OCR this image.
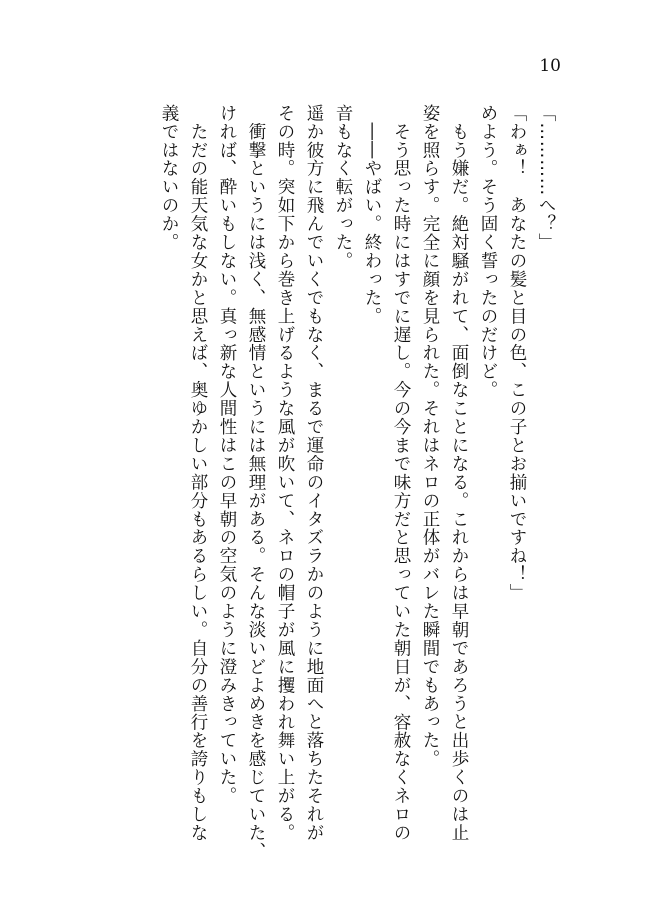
10
義ではないのか。 　ただの能天気な女かと思えば、奥ゆかしい部分もあるらしい。自分の善行を誇りもしな ければ、酔いもしない。真っ新な人間性はこの早朝の空気のように澄みきっていた。 　衝撃というには浅く、無感情というには無理がある。そんな淡いどよめきを感じていた、 その時。突如下から巻き上げるような風が吹いて、ネロの帽子が風に攫われ舞い上がる。 遥か彼方に飛んでいくでもなく、まるで運命のイタズラかのように地面へと落ちたそれが 音もなく転がった。 　――やばい。終わった。 　そう思った時にはすでに遅し。今の今まで味方だと思っていた朝日が、容赦なくネロの 姿を照らす。完全に顔を見られた。それはネロの正体がバレた瞬間でもあった。 　もう嫌だ。絶対騒がれて、面倒なことになる。これからは早朝であろうと出歩くのは止 めよう。そう固く誓ったのだけど。 「わぁ！　あなたの髪と目の色、この子とお揃いですね！」 「…………へ？」
